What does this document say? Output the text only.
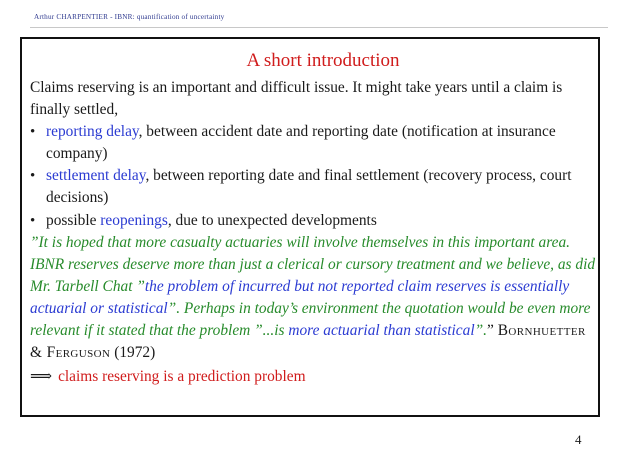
Arthur CHARPENTIER - IBNR: quantification of uncertainty
A short introduction

Claims reserving is an important and difficult issue. It might take years until a claim is finally settled,

• reporting delay, between accident date and reporting date (notification at insurance company)
• settlement delay, between reporting date and final settlement (recovery process, court decisions)
• possible reopenings, due to unexpected developments

”It is hoped that more casualty actuaries will involve themselves in this important area. IBNR reserves deserve more than just a clerical or cursory treatment and we believe, as did Mr. Tarbell Chat ”the problem of incurred but not reported claim reserves is essentially actuarial or statistical”. Perhaps in today’s environment the quotation would be even more relevant if it stated that the problem ”...is more actuarial than statistical”.” Bornhuetter & Ferguson (1972)

⟹ claims reserving is a prediction problem
4
